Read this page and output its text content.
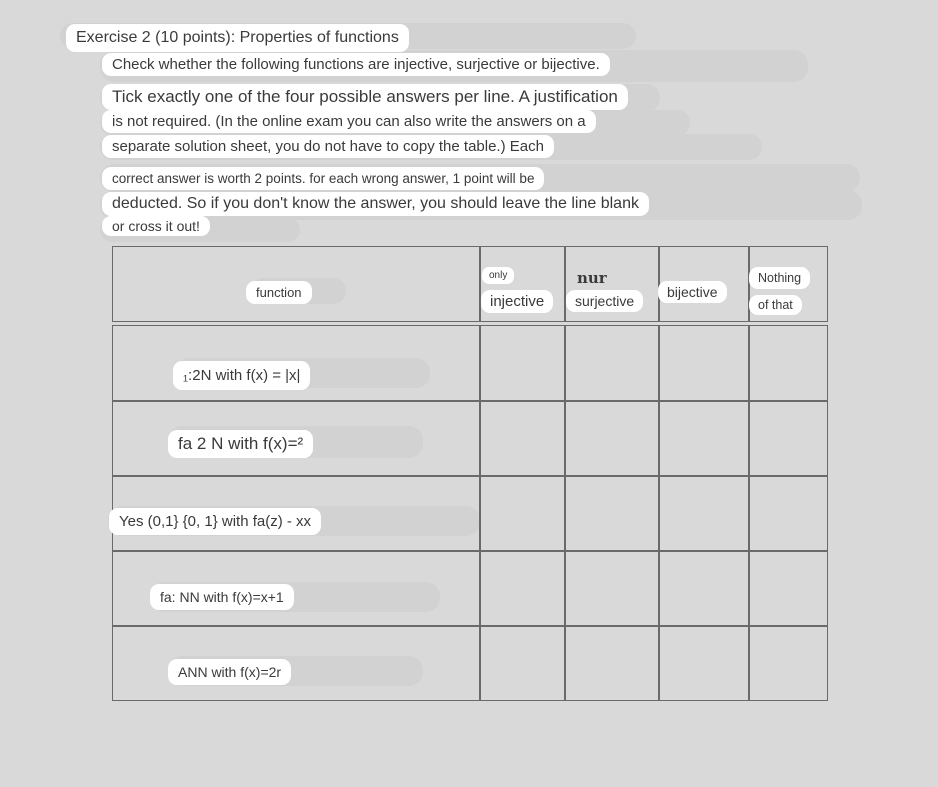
Exercise 2 (10 points): Properties of functions
Check whether the following functions are injective, surjective or bijective.
Tick exactly one of the four possible answers per line. A justification
is not required. (In the online exam you can also write the answers on a
separate solution sheet, you do not have to copy the table.) Each
correct answer is worth 2 points. for each wrong answer, 1 point will be
deducted. So if you don't know the answer, you should leave the line blank
or cross it out!
function
only
injective
nur
surjective
bijective
Nothing
of that
₁:2N with f(x) = |x|
fa 2 N with f(x)=²
Yes (0,1} {0, 1} with fa(z) - xx
fa: NN with f(x)=x+1
ANN with f(x)=2r
